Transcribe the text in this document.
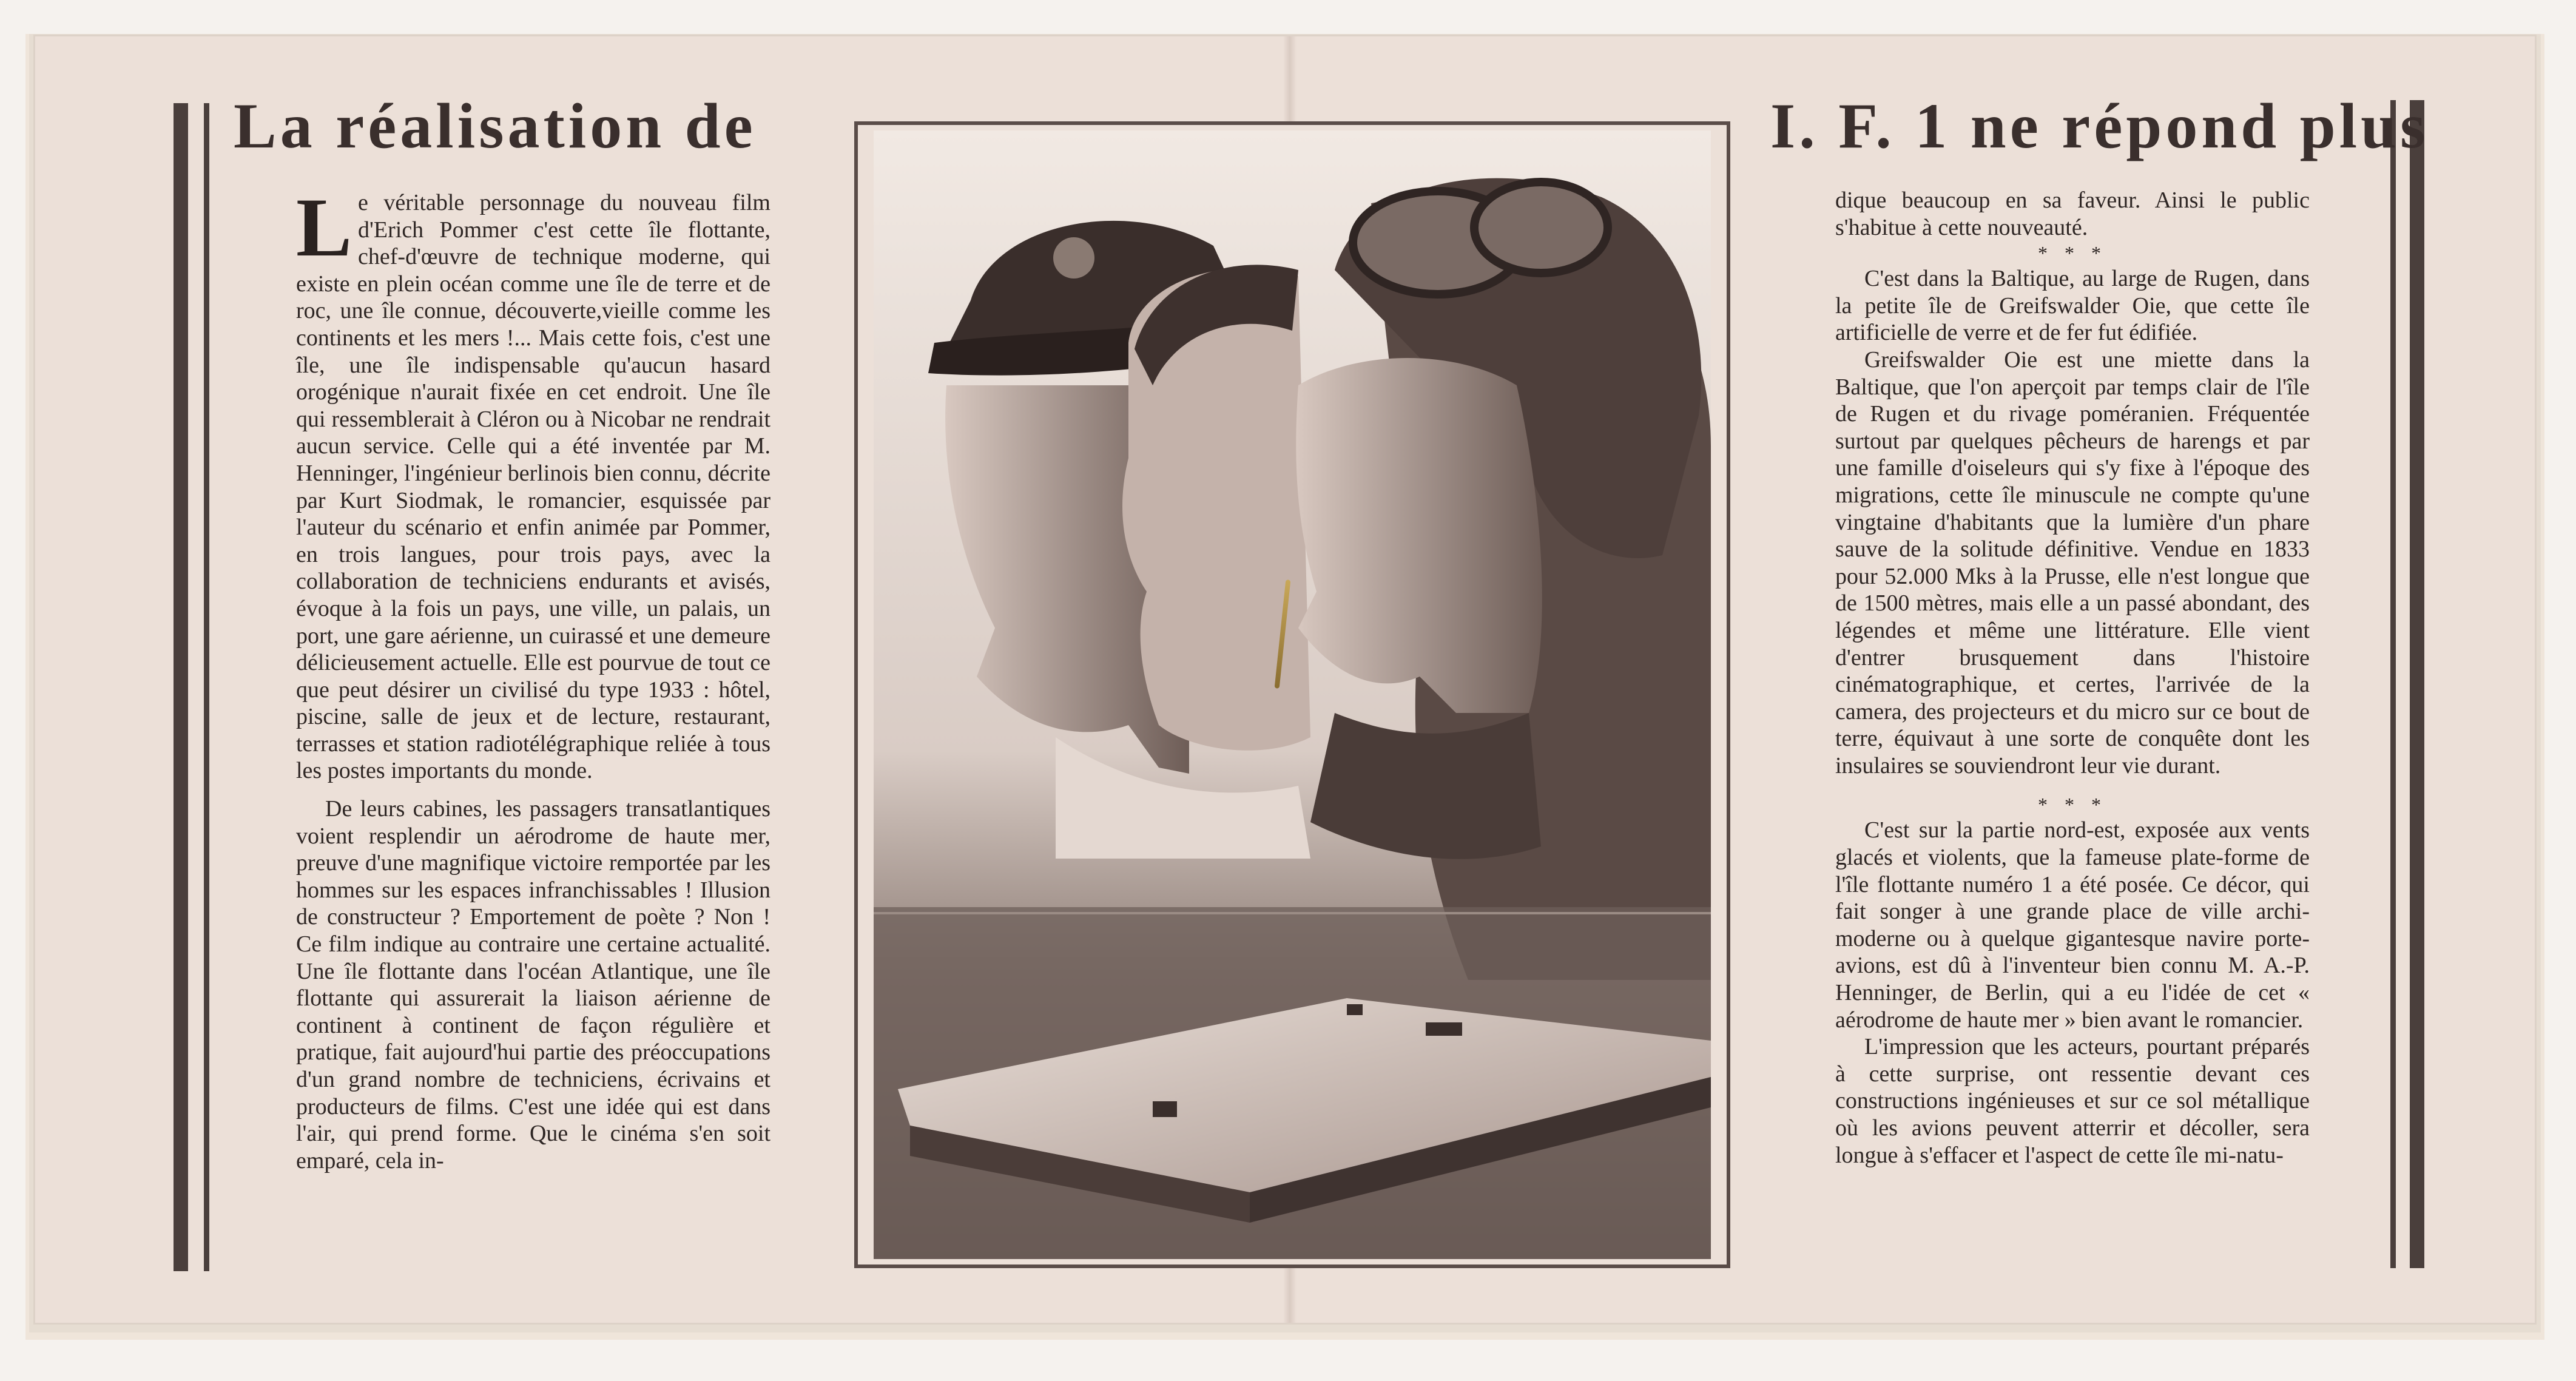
La réalisation de	I. F. 1 ne répond plus

Le véritable personnage du nouveau film d'Erich Pommer c'est cette île flottante, chef-d'œuvre de technique moderne, qui existe en plein océan comme une île de terre et de roc, une île connue, découverte,vieille comme les continents et les mers !... Mais cette fois, c'est une île, une île indispensable qu'aucun hasard orogénique n'aurait fixée en cet endroit. Une île qui ressemblerait à Cléron ou à Nicobar ne rendrait aucun service. Celle qui a été inventée par M. Henninger, l'ingénieur berlinois bien connu, décrite par Kurt Siodmak, le romancier, esquissée par l'auteur du scénario et enfin animée par Pommer, en trois langues, pour trois pays, avec la collaboration de techniciens endurants et avisés, évoque à la fois un pays, une ville, un palais, un port, une gare aérienne, un cuirassé et une demeure délicieusement actuelle. Elle est pourvue de tout ce que peut désirer un civilisé du type 1933 : hôtel, piscine, salle de jeux et de lecture, restaurant, terrasses et station radiotélégraphique reliée à tous les postes importants du monde.

De leurs cabines, les passagers transatlantiques voient resplendir un aérodrome de haute mer, preuve d'une magnifique victoire remportée par les hommes sur les espaces infranchissables ! Illusion de constructeur ? Emportement de poète ? Non ! Ce film indique au contraire une certaine actualité. Une île flottante dans l'océan Atlantique, une île flottante qui assurerait la liaison aérienne de continent à continent de façon régulière et pratique, fait aujourd'hui partie des préoccupations d'un grand nombre de techniciens, écrivains et producteurs de films. C'est une idée qui est dans l'air, qui prend forme. Que le cinéma s'en soit emparé, cela in-

dique beaucoup en sa faveur. Ainsi le public s'habitue à cette nouveauté.

* * *

C'est dans la Baltique, au large de Rugen, dans la petite île de Greifswalder Oie, que cette île artificielle de verre et de fer fut édifiée.

Greifswalder Oie est une miette dans la Baltique, que l'on aperçoit par temps clair de l'île de Rugen et du rivage poméranien. Fréquentée surtout par quelques pêcheurs de harengs et par une famille d'oiseleurs qui s'y fixe à l'époque des migrations, cette île minuscule ne compte qu'une vingtaine d'habitants que la lumière d'un phare sauve de la solitude définitive. Vendue en 1833 pour 52.000 Mks à la Prusse, elle n'est longue que de 1500 mètres, mais elle a un passé abondant, des légendes et même une littérature. Elle vient d'entrer brusquement dans l'histoire cinématographique, et certes, l'arrivée de la camera, des projecteurs et du micro sur ce bout de terre, équivaut à une sorte de conquête dont les insulaires se souviendront leur vie durant.

* * *

C'est sur la partie nord-est, exposée aux vents glacés et violents, que la fameuse plate-forme de l'île flottante numéro 1 a été posée. Ce décor, qui fait songer à une grande place de ville archi-moderne ou à quelque gigantesque navire porte-avions, est dû à l'inventeur bien connu M. A.-P. Henninger, de Berlin, qui a eu l'idée de cet « aérodrome de haute mer » bien avant le romancier.

L'impression que les acteurs, pourtant préparés à cette surprise, ont ressentie devant ces constructions ingénieuses et sur ce sol métallique où les avions peuvent atterrir et décoller, sera longue à s'effacer et l'aspect de cette île mi-natu-
